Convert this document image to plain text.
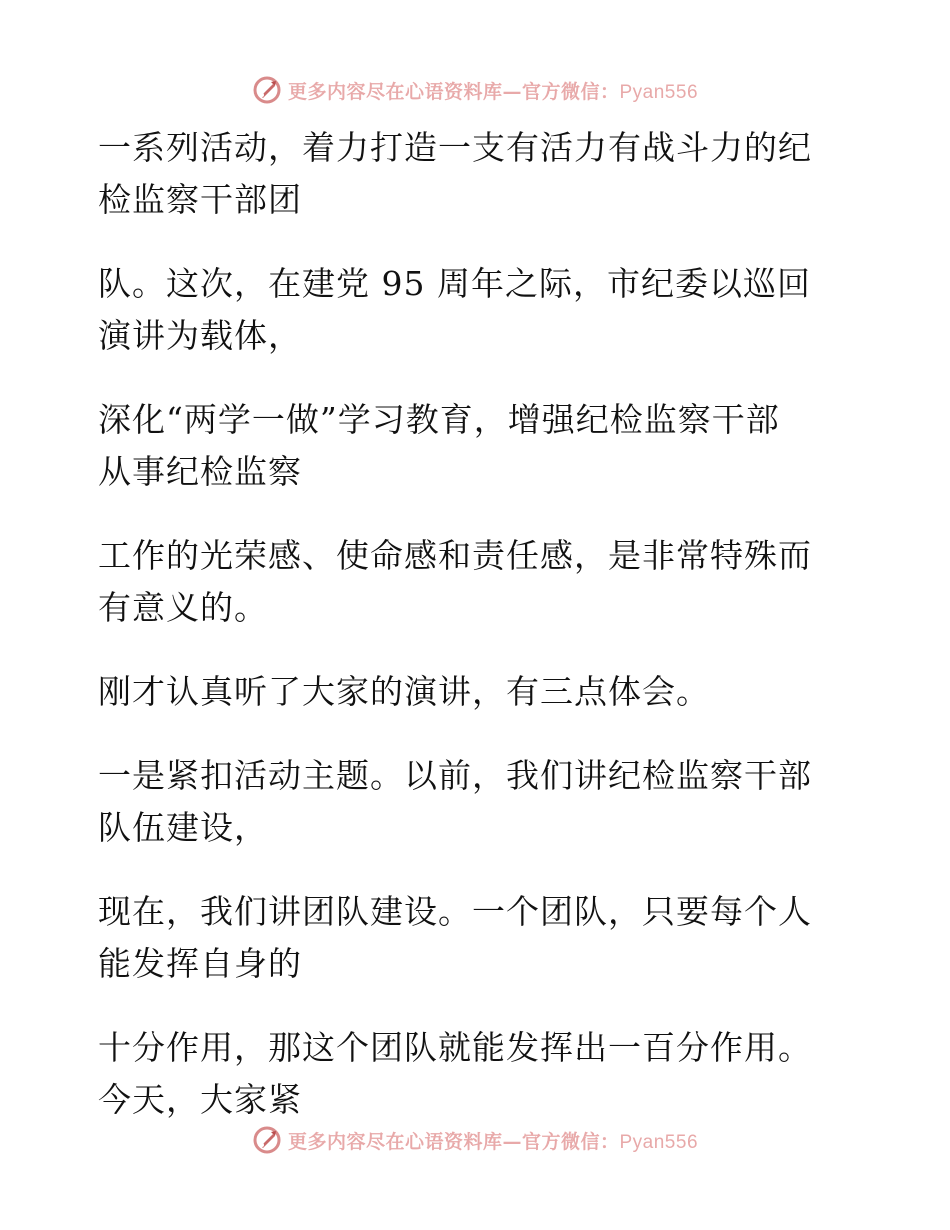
更多内容尽在心语资料库—官方微信：Pyan556

一系列活动，着力打造一支有活力有战斗力的纪
检监察干部团

队。这次，在建党 95 周年之际，市纪委以巡回
演讲为载体，

深化“两学一做”学习教育，增强纪检监察干部
从事纪检监察

工作的光荣感、使命感和责任感，是非常特殊而
有意义的。

刚才认真听了大家的演讲，有三点体会。

一是紧扣活动主题。以前，我们讲纪检监察干部
队伍建设，

现在，我们讲团队建设。一个团队，只要每个人
能发挥自身的

十分作用，那这个团队就能发挥出一百分作用。
今天，大家紧

更多内容尽在心语资料库—官方微信：Pyan556
